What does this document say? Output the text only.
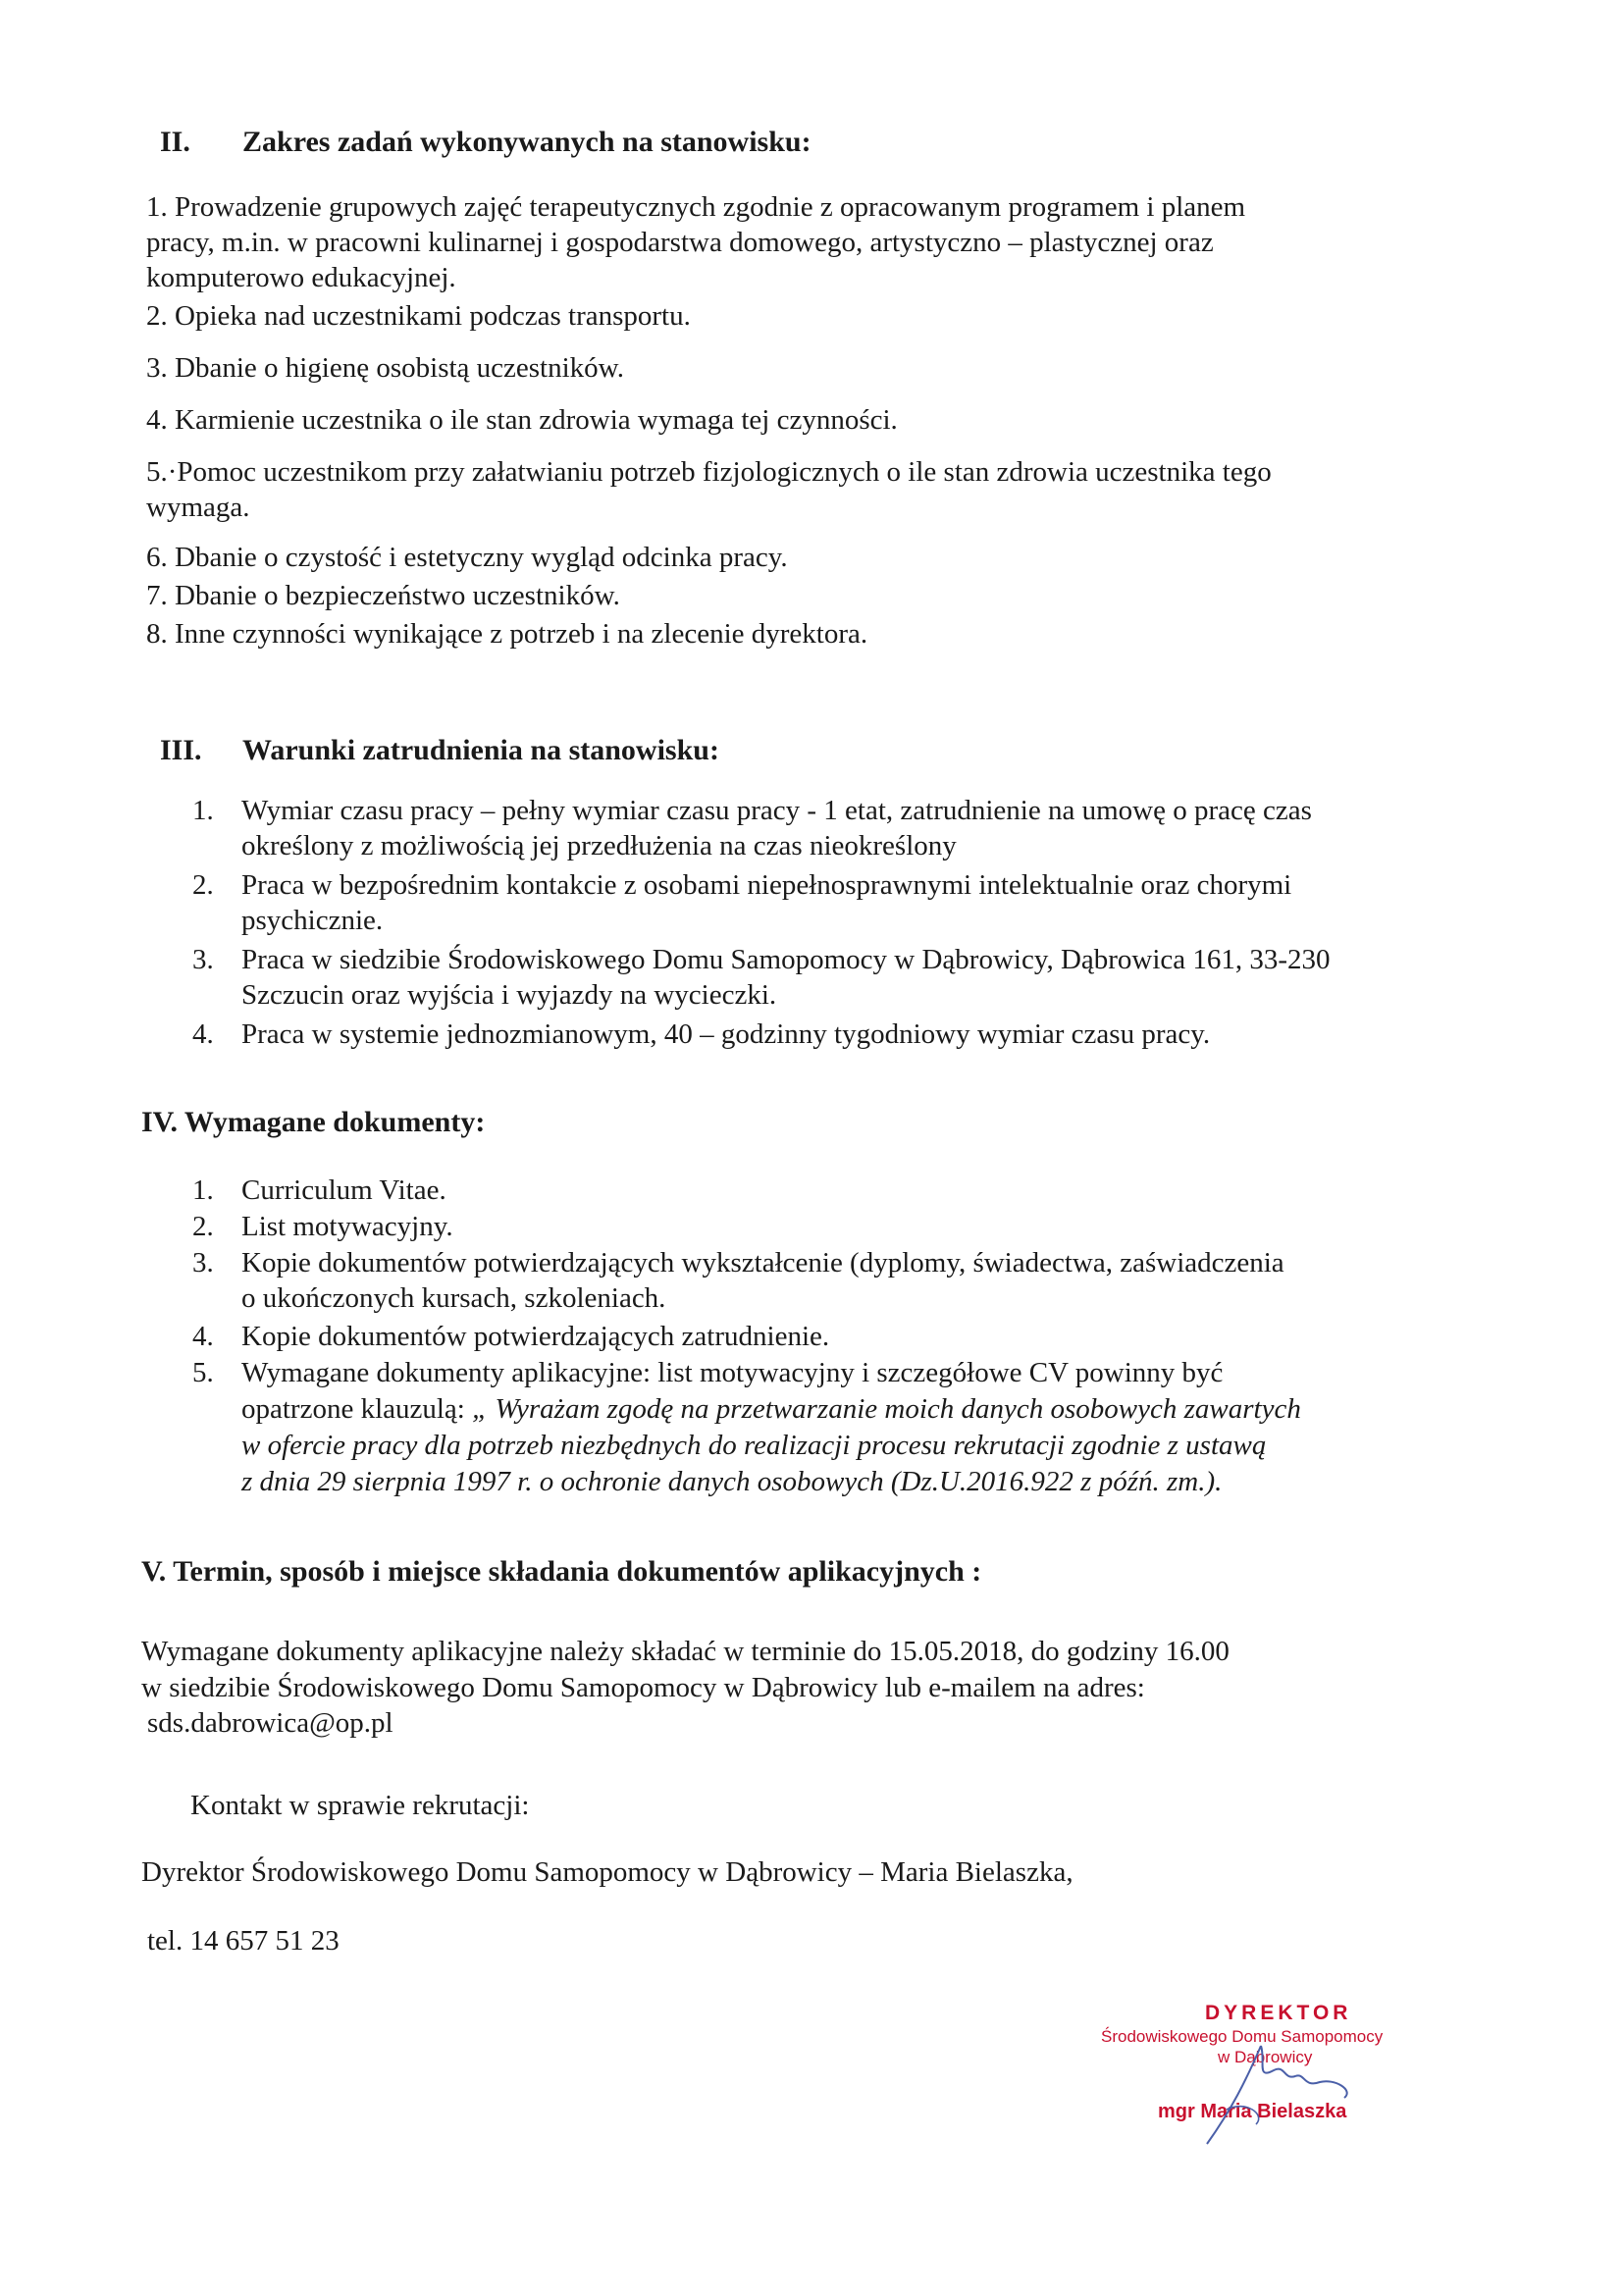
II. Zakres zadań wykonywanych na stanowisku:
1. Prowadzenie grupowych zajęć terapeutycznych zgodnie z opracowanym programem i planem
pracy, m.in. w pracowni kulinarnej i gospodarstwa domowego, artystyczno – plastycznej oraz
komputerowo edukacyjnej.
2. Opieka nad uczestnikami podczas transportu.
3. Dbanie o higienę osobistą uczestników.
4. Karmienie uczestnika o ile stan zdrowia wymaga tej czynności.
5.·Pomoc uczestnikom przy załatwianiu potrzeb fizjologicznych o ile stan zdrowia uczestnika tego
wymaga.
6. Dbanie o czystość i estetyczny wygląd odcinka pracy.
7. Dbanie o bezpieczeństwo uczestników.
8. Inne czynności wynikające z potrzeb i na zlecenie dyrektora.
III. Warunki zatrudnienia na stanowisku:
1. Wymiar czasu pracy – pełny wymiar czasu pracy - 1 etat, zatrudnienie na umowę o pracę czas
określony z możliwością jej przedłużenia na czas nieokreślony
2. Praca w bezpośrednim kontakcie z osobami niepełnosprawnymi intelektualnie oraz chorymi
psychicznie.
3. Praca w siedzibie Środowiskowego Domu Samopomocy w Dąbrowicy, Dąbrowica 161, 33-230
Szczucin oraz wyjścia i wyjazdy na wycieczki.
4. Praca w systemie jednozmianowym, 40 – godzinny tygodniowy wymiar czasu pracy.
IV. Wymagane dokumenty:
1. Curriculum Vitae.
2. List motywacyjny.
3. Kopie dokumentów potwierdzających wykształcenie (dyplomy, świadectwa, zaświadczenia
o ukończonych kursach, szkoleniach.
4. Kopie dokumentów potwierdzających zatrudnienie.
5. Wymagane dokumenty aplikacyjne: list motywacyjny i szczegółowe CV powinny być
opatrzone klauzulą: „ Wyrażam zgodę na przetwarzanie moich danych osobowych zawartych
w ofercie pracy dla potrzeb niezbędnych do realizacji procesu rekrutacji zgodnie z ustawą
z dnia 29 sierpnia 1997 r. o ochronie danych osobowych (Dz.U.2016.922 z późń. zm.).
V. Termin, sposób i miejsce składania dokumentów aplikacyjnych :
Wymagane dokumenty aplikacyjne należy składać w terminie do 15.05.2018, do godziny 16.00
w siedzibie Środowiskowego Domu Samopomocy w Dąbrowicy lub e-mailem na adres:
sds.dabrowica@op.pl
Kontakt w sprawie rekrutacji:
Dyrektor Środowiskowego Domu Samopomocy w Dąbrowicy – Maria Bielaszka,
tel. 14 657 51 23
DYREKTOR
Środowiskowego Domu Samopomocy
w Dąbrowicy
mgr Maria Bielaszka
